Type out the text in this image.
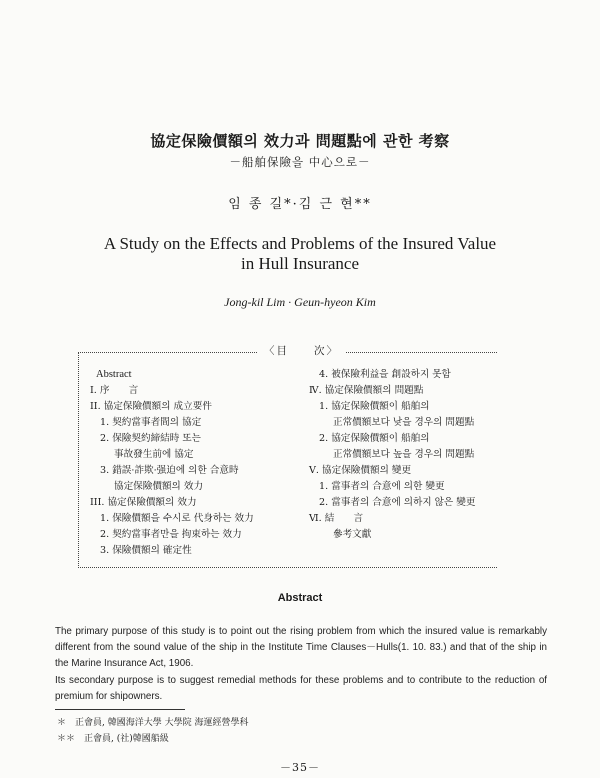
協定保險價額의 效力과 問題點에 관한 考察
－船舶保險을 中心으로－
임 종 길*·김 근 현**
A Study on the Effects and Problems of the Insured Value
in Hull Insurance
Jong-kil Lim · Geun-hyeon Kim
〈目　　次〉
Abstract
I. 序　　言
II. 協定保險價額의 成立要件
1. 契約當事者間의 協定
2. 保險契約締結時 또는
事故發生前에 協定
3. 錯誤·詐欺·强迫에 의한 合意時
協定保險價額의 效力
III. 協定保險價額의 效力
1. 保險價額을 수시로 代身하는 效力
2. 契約當事者만을 拘束하는 效力
3. 保險價額의 確定性
4. 被保險利益을 創設하지 못함
Ⅳ. 協定保險價額의 問題點
1. 協定保險價額이 船舶의
正常價額보다 낮을 경우의 問題點
2. 協定保險價額이 船舶의
正常價額보다 높을 경우의 問題點
Ⅴ. 協定保險價額의 變更
1. 當事者의 合意에 의한 變更
2. 當事者의 合意에 의하지 않은 變更
Ⅵ. 結　　言
參考文獻
Abstract
The primary purpose of this study is to point out the rising problem from which the insured value is remarkably different from the sound value of the ship in the Institute Time Clauses－Hulls(1. 10. 83.) and that of the ship in the Marine Insurance Act, 1906.
Its secondary purpose is to suggest remedial methods for these problems and to contribute to the reduction of premium for shipowners.
＊　正會員, 韓國海洋大學 大學院 海運經營學科
＊＊　正會員, (社)韓國船級
－35－
